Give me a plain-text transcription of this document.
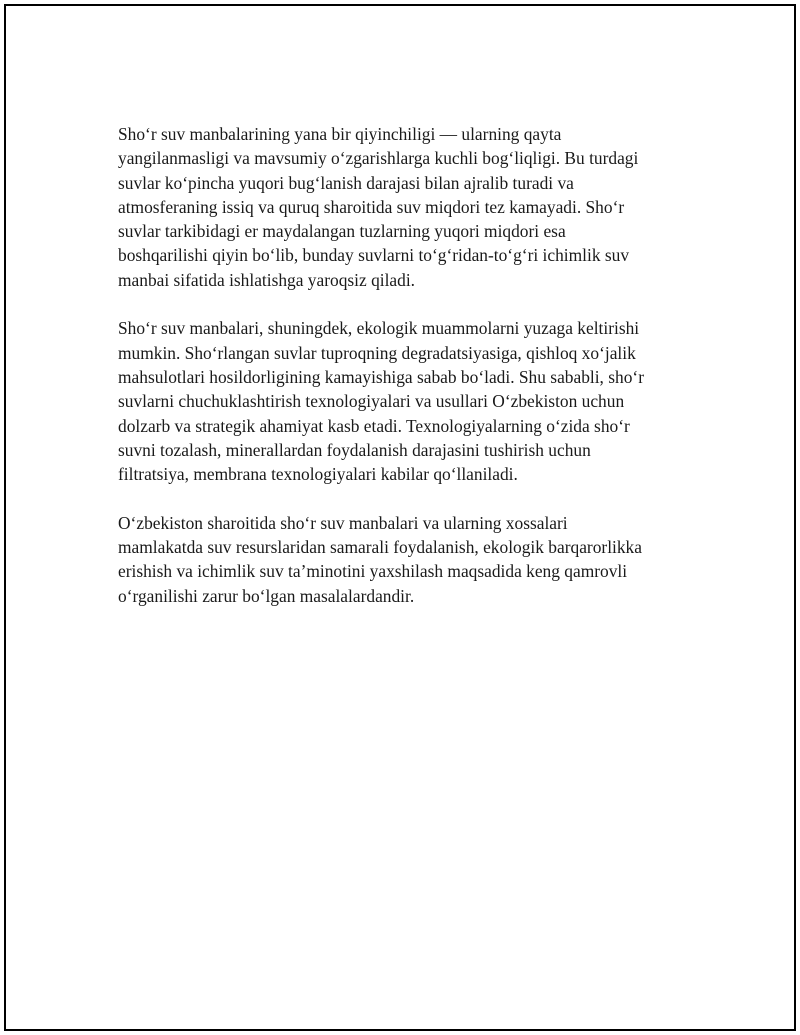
Sho‘r suv manbalarining yana bir qiyinchiligi — ularning qayta
yangilanmasligi va mavsumiy o‘zgarishlarga kuchli bog‘liqligi. Bu turdagi
suvlar ko‘pincha yuqori bug‘lanish darajasi bilan ajralib turadi va
atmosferaning issiq va quruq sharoitida suv miqdori tez kamayadi. Sho‘r
suvlar tarkibidagi er maydalangan tuzlarning yuqori miqdori esa
boshqarilishi qiyin bo‘lib, bunday suvlarni to‘g‘ridan-to‘g‘ri ichimlik suv
manbai sifatida ishlatishga yaroqsiz qiladi.

Sho‘r suv manbalari, shuningdek, ekologik muammolarni yuzaga keltirishi
mumkin. Sho‘rlangan suvlar tuproqning degradatsiyasiga, qishloq xo‘jalik
mahsulotlari hosildorligining kamayishiga sabab bo‘ladi. Shu sababli, sho‘r
suvlarni chuchuklashtirish texnologiyalari va usullari O‘zbekiston uchun
dolzarb va strategik ahamiyat kasb etadi. Texnologiyalarning o‘zida sho‘r
suvni tozalash, minerallardan foydalanish darajasini tushirish uchun
filtratsiya, membrana texnologiyalari kabilar qo‘llaniladi.

O‘zbekiston sharoitida sho‘r suv manbalari va ularning xossalari
mamlakatda suv resurslaridan samarali foydalanish, ekologik barqarorlikka
erishish va ichimlik suv ta’minotini yaxshilash maqsadida keng qamrovli
o‘rganilishi zarur bo‘lgan masalalardandir.
